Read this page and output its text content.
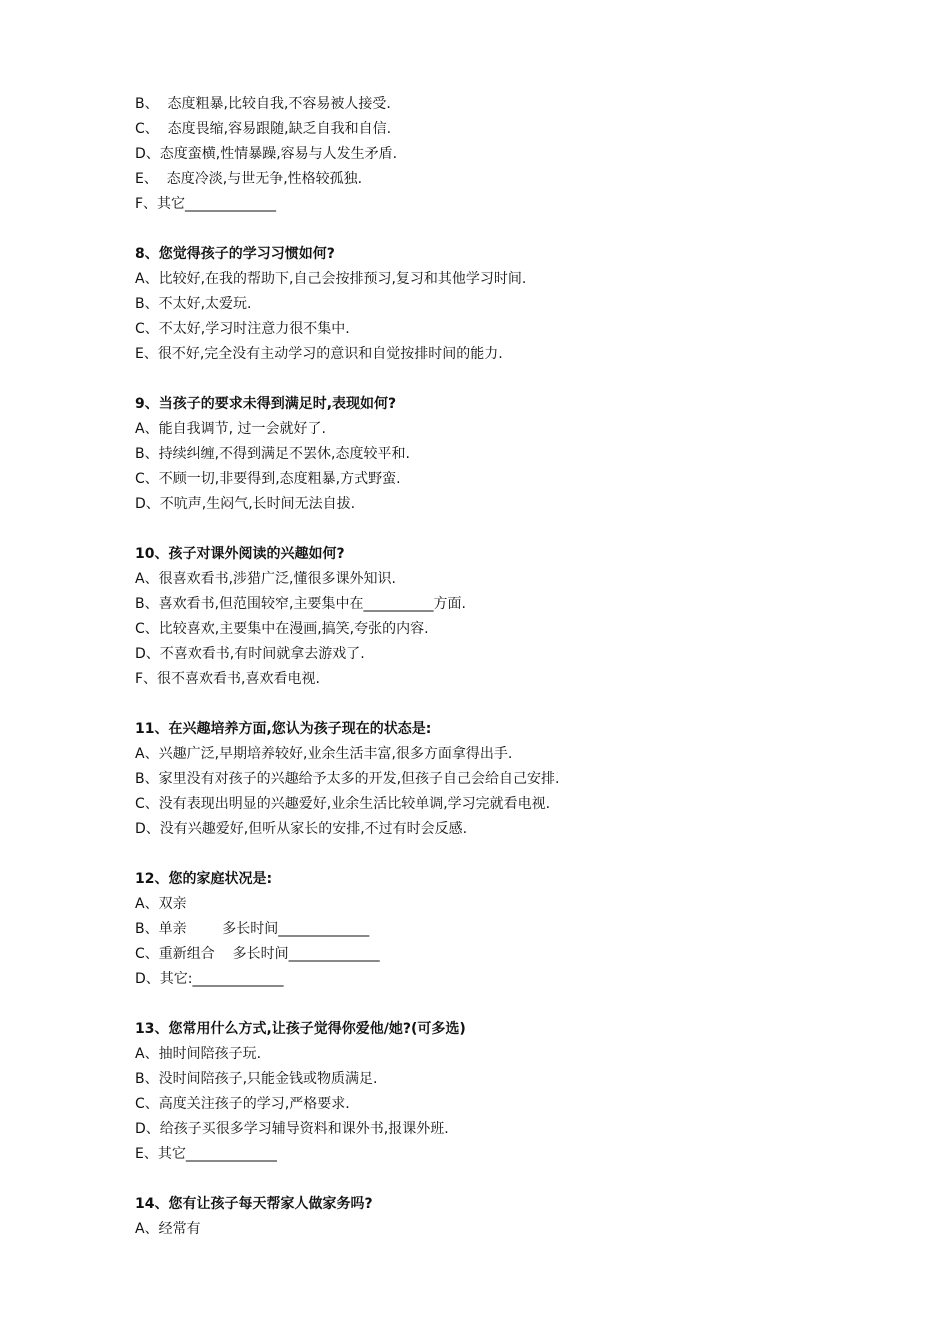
B、  态度粗暴,比较自我,不容易被人接受.
C、  态度畏缩,容易跟随,缺乏自我和自信.
D、态度蛮横,性情暴躁,容易与人发生矛盾.
E、  态度冷淡,与世无争,性格较孤独.
F、其它_____________
8、您觉得孩子的学习习惯如何?
A、比较好,在我的帮助下,自己会按排预习,复习和其他学习时间.
B、不太好,太爱玩.
C、不太好,学习时注意力很不集中.
E、很不好,完全没有主动学习的意识和自觉按排时间的能力.
9、当孩子的要求未得到满足时,表现如何?
A、能自我调节, 过一会就好了.
B、持续纠缠,不得到满足不罢休,态度较平和.
C、不顾一切,非要得到,态度粗暴,方式野蛮.
D、不吭声,生闷气,长时间无法自拔.
10、孩子对课外阅读的兴趣如何?
A、很喜欢看书,涉猎广泛,懂很多课外知识.
B、喜欢看书,但范围较窄,主要集中在__________方面.
C、比较喜欢,主要集中在漫画,搞笑,夸张的内容.
D、不喜欢看书,有时间就拿去游戏了.
F、很不喜欢看书,喜欢看电视.
11、在兴趣培养方面,您认为孩子现在的状态是:
A、兴趣广泛,早期培养较好,业余生活丰富,很多方面拿得出手.
B、家里没有对孩子的兴趣给予太多的开发,但孩子自己会给自己安排.
C、没有表现出明显的兴趣爱好,业余生活比较单调,学习完就看电视.
D、没有兴趣爱好,但听从家长的安排,不过有时会反感.
12、您的家庭状况是:
A、双亲
B、单亲        多长时间_____________
C、重新组合    多长时间_____________
D、其它:_____________
13、您常用什么方式,让孩子觉得你爱他/她?(可多选)
A、抽时间陪孩子玩.
B、没时间陪孩子,只能金钱或物质满足.
C、高度关注孩子的学习,严格要求.
D、给孩子买很多学习辅导资料和课外书,报课外班.
E、其它_____________
14、您有让孩子每天帮家人做家务吗?
A、经常有
